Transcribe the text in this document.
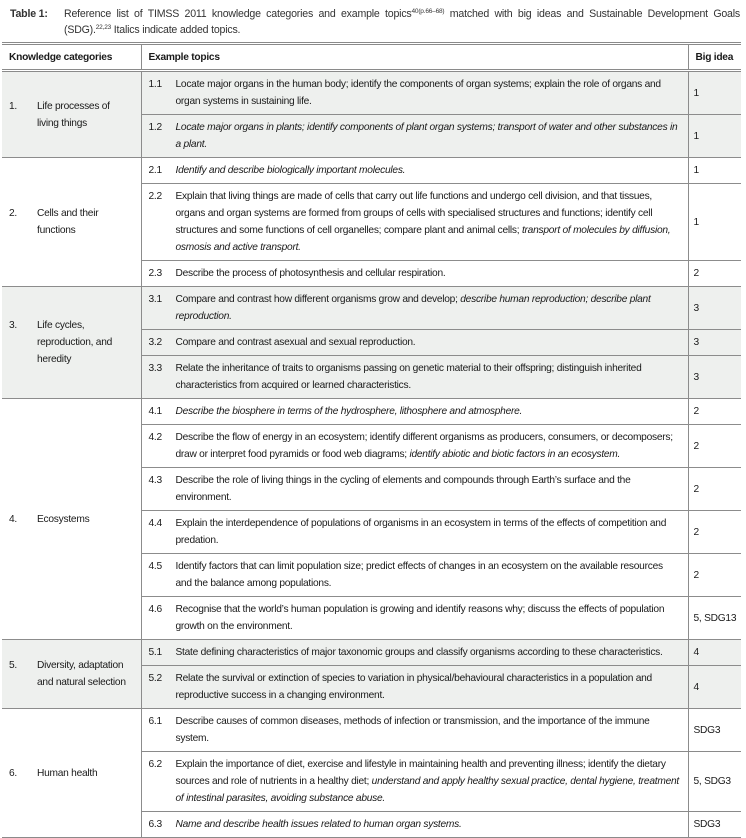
Table 1:	Reference list of TIMSS 2011 knowledge categories and example topics$^{40(p.66-68)}$ matched with big ideas and Sustainable Development Goals (SDG).$^{22,23}$ Italics indicate added topics.
Knowledge categories	Example topics	Big idea

1. Life processes of living things	1.1 Locate major organs in the human body; identify the components of organ systems; explain the role of organs and organ systems in sustaining life.	1

	1.2 Locate major organs in plants; identify components of plant organ systems; transport of water and other substances in a plant.	1

2. Cells and their functions	2.1 Identify and describe biologically important molecules.	1

	2.2 Explain that living things are made of cells that carry out life functions and undergo cell division, and that tissues, organs and organ systems are formed from groups of cells with specialised structures and functions; identify cell structures and some functions of cell organelles; compare plant and animal cells; transport of molecules by diffusion, osmosis and active transport.	1

	2.3 Describe the process of photosynthesis and cellular respiration.	2

3. Life cycles, reproduction, and heredity	3.1 Compare and contrast how different organisms grow and develop; describe human reproduction; describe plant reproduction.	3

	3.2 Compare and contrast asexual and sexual reproduction.	3

	3.3 Relate the inheritance of traits to organisms passing on genetic material to their offspring; distinguish inherited characteristics from acquired or learned characteristics.	3

4. Ecosystems	4.1 Describe the biosphere in terms of the hydrosphere, lithosphere and atmosphere.	2

	4.2 Describe the flow of energy in an ecosystem; identify different organisms as producers, consumers, or decomposers; draw or interpret food pyramids or food web diagrams; identify abiotic and biotic factors in an ecosystem.	2

	4.3 Describe the role of living things in the cycling of elements and compounds through Earth’s surface and the environment.	2

	4.4 Explain the interdependence of populations of organisms in an ecosystem in terms of the effects of competition and predation.	2

	4.5 Identify factors that can limit population size; predict effects of changes in an ecosystem on the available resources and the balance among populations.	2

	4.6 Recognise that the world’s human population is growing and identify reasons why; discuss the effects of population growth on the environment.	5, SDG13

5. Diversity, adaptation and natural selection	5.1 State defining characteristics of major taxonomic groups and classify organisms according to these characteristics.	4

	5.2 Relate the survival or extinction of species to variation in physical/behavioural characteristics in a population and reproductive success in a changing environment.	4

6. Human health	6.1 Describe causes of common diseases, methods of infection or transmission, and the importance of the immune system.	SDG3

	6.2 Explain the importance of diet, exercise and lifestyle in maintaining health and preventing illness; identify the dietary sources and role of nutrients in a healthy diet; understand and apply healthy sexual practice, dental hygiene, treatment of intestinal parasites, avoiding substance abuse.	5, SDG3

	6.3 Name and describe health issues related to human organ systems.	SDG3
